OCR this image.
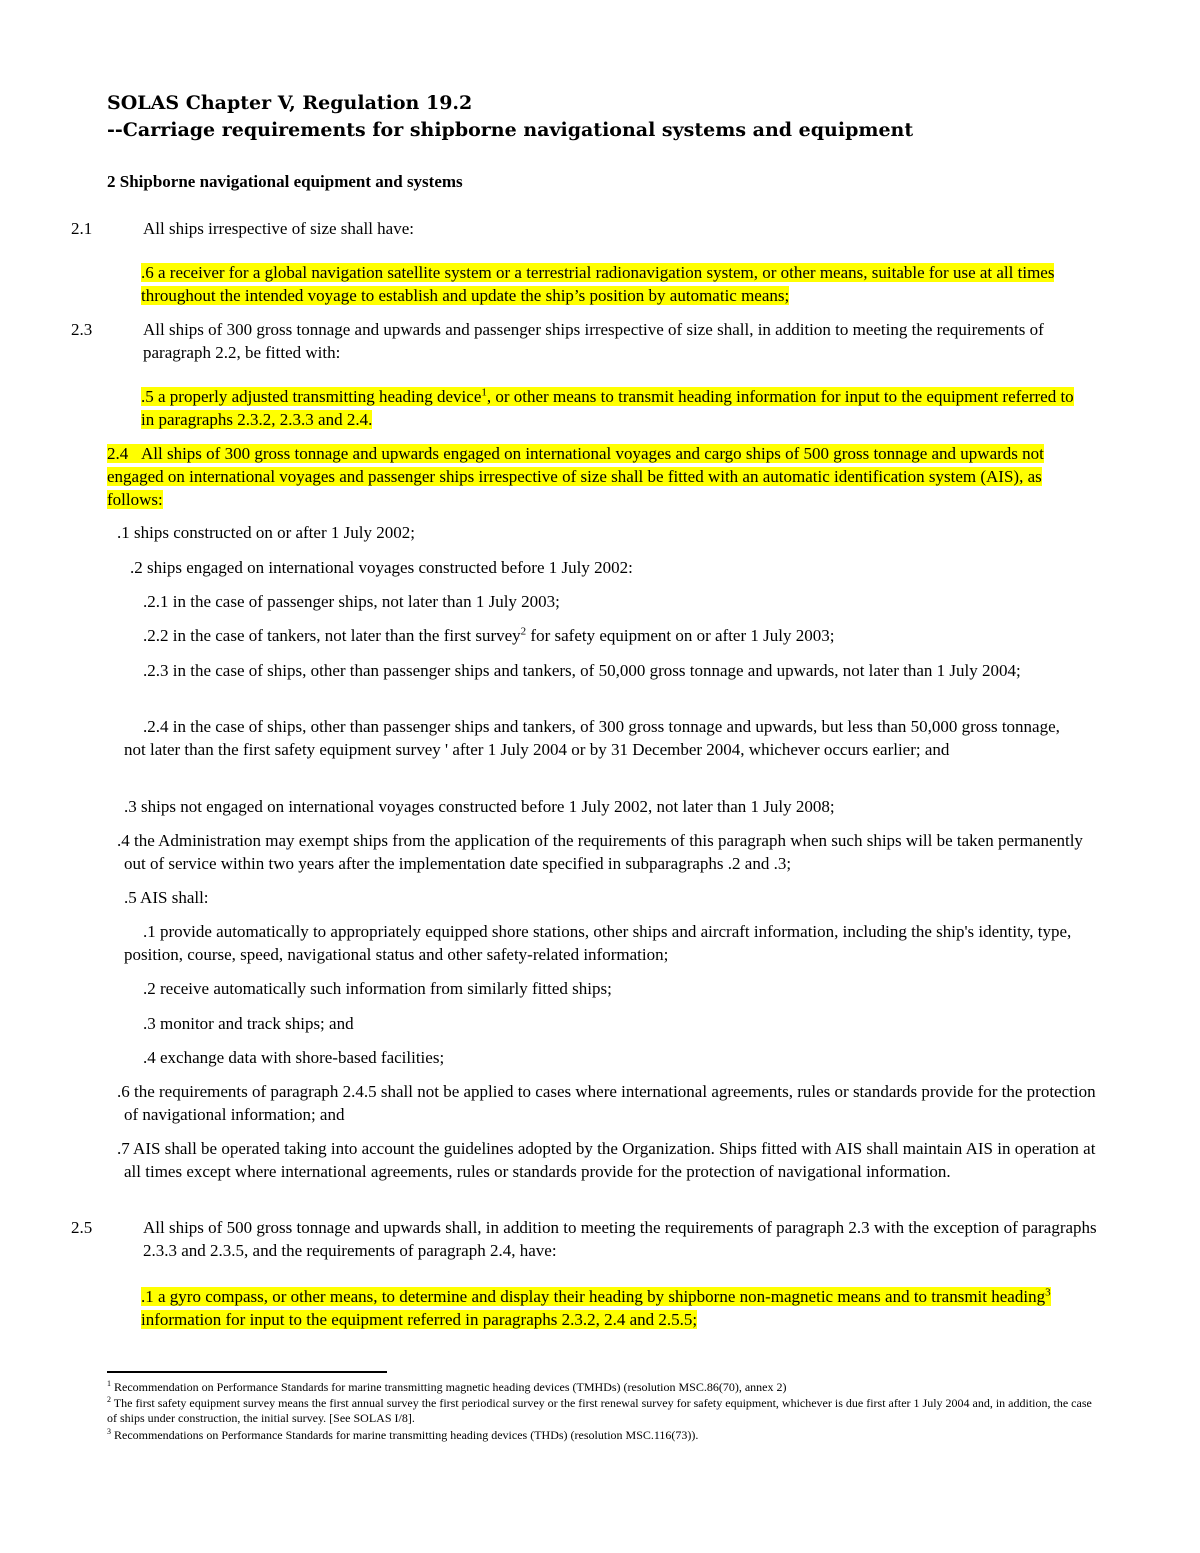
SOLAS Chapter V, Regulation 19.2

--Carriage requirements for shipborne navigational systems and equipment

2 Shipborne navigational equipment and systems

2.1	All ships irrespective of size shall have:

.6 a receiver for a global navigation satellite system or a terrestrial radionavigation system, or other means, suitable for use at all times throughout the intended voyage to establish and update the ship’s position by automatic means;

2.3	All ships of 300 gross tonnage and upwards and passenger ships irrespective of size shall, in addition to meeting the requirements of paragraph 2.2, be fitted with:

.5 a properly adjusted transmitting heading device$^1$, or other means to transmit heading information for input to the equipment referred to in paragraphs 2.3.2, 2.3.3 and 2.4.

2.4 All ships of 300 gross tonnage and upwards engaged on international voyages and cargo ships of 500 gross tonnage and upwards not engaged on international voyages and passenger ships irrespective of size shall be fitted with an automatic identification system (AIS), as follows:

.1 ships constructed on or after 1 July 2002;

.2 ships engaged on international voyages constructed before 1 July 2002:

.2.1 in the case of passenger ships, not later than 1 July 2003;

.2.2 in the case of tankers, not later than the first survey$^2$ for safety equipment on or after 1 July 2003;

.2.3 in the case of ships, other than passenger ships and tankers, of 50,000 gross tonnage and upwards, not later than 1 July 2004;

.2.4 in the case of ships, other than passenger ships and tankers, of 300 gross tonnage and upwards, but less than 50,000 gross tonnage, not later than the first safety equipment survey ' after 1 July 2004 or by 31 December 2004, whichever occurs earlier; and

.3 ships not engaged on international voyages constructed before 1 July 2002, not later than 1 July 2008;

.4 the Administration may exempt ships from the application of the requirements of this paragraph when such ships will be taken permanently out of service within two years after the implementation date specified in subparagraphs .2 and .3;

.5 AIS shall:

.1 provide automatically to appropriately equipped shore stations, other ships and aircraft information, including the ship's identity, type, position, course, speed, navigational status and other safety-related information;

.2 receive automatically such information from similarly fitted ships;

.3 monitor and track ships; and

.4 exchange data with shore-based facilities;

.6 the requirements of paragraph 2.4.5 shall not be applied to cases where international agreements, rules or standards provide for the protection of navigational information; and

.7 AIS shall be operated taking into account the guidelines adopted by the Organization. Ships fitted with AIS shall maintain AIS in operation at all times except where international agreements, rules or standards provide for the protection of navigational information.

2.5	All ships of 500 gross tonnage and upwards shall, in addition to meeting the requirements of paragraph 2.3 with the exception of paragraphs 2.3.3 and 2.3.5, and the requirements of paragraph 2.4, have:

.1 a gyro compass, or other means, to determine and display their heading by shipborne non-magnetic means and to transmit heading$^3$ information for input to the equipment referred in paragraphs 2.3.2, 2.4 and 2.5.5;

$^1$ Recommendation on Performance Standards for marine transmitting magnetic heading devices (TMHDs) (resolution MSC.86(70), annex 2)

$^2$ The first safety equipment survey means the first annual survey the first periodical survey or the first renewal survey for safety equipment, whichever is due first after 1 July 2004 and, in addition, the case of ships under construction, the initial survey. [See SOLAS I/8].

$^3$ Recommendations on Performance Standards for marine transmitting heading devices (THDs) (resolution MSC.116(73)).
